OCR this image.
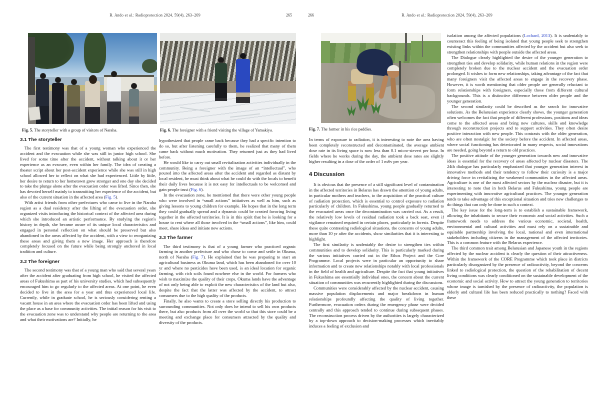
R. Ando et al.: Radioprotection 2024, 59(4), 263–269	265
Fig. 5. The storyteller with a group of visitors of Naraha.	Fig. 6. The foreigner with a friend visiting the village of Yamakiya.
3.1 The storyteller

The first testimony was that of a young woman who experienced the accident and the evacuation while she was still in junior high school. She lived for some time after the accident, without talking about it or her experience as an evacuee, even within her family. The idea of creating a theater script about her post-accident experience while she was still in high school allowed her to reflect on what she had experienced. Little by little, her desire to return to her hometown grew stronger and one day she decided to take the plunge alone after the evacuation order was lifted. Since then, she has devoted herself mainly to transmitting her experience of the accident, but also of the current situation in the affected area (Fig. 5).

With artist friends from other prefectures who came to live in the Naraha region as a dual residency after the lifting of the evacuation order, she organized visits introducing the historical context of the affected area during which she introduced an artistic performance. By studying the region's history in depth, she became aware of its unique local characteristics and engaged in personal reflection on what should be preserved but also abandoned in the areas affected by the accident, with a view to reorganizing these areas and giving them a new image. Her approach is therefore completely focused on the future while being strongly anchored in local tradition and culture.

3.2 The foreigner

The second testimony was that of a young man who said that several years after the accident after graduating from high school, he visited the affected areas of Fukushima as part of his university studies, which had subsequently encouraged him to go regularly to the affected areas. At one point, he even decided to live in the area for a year and thus experienced local life. Currently, while in graduate school, he is seriously considering renting a vacant house in an area where the evacuation order has been lifted and using the place as a base for community activities. The initial reason for his visit to the evacuation zone was to understand why people are returning to the area and what their motivations are? Initially, he

hypothesized that people came back because they had a specific intention to do so, but after listening carefully to them, he realized that many of them came back without much motivation. They returned just as they had lived before.

He would like to carry out small revitalization activities individually in the community. Being a foreigner with the image of an “intellectual”, who poured into the affected areas after the accident and regarded as distant by local resident, he must think about what he could do with the locals to benefit their daily lives because it is not easy for intellectuals to be welcomed and gain people trust (Fig. 6).

In the evacuation zone, he mentioned that there were other young people who were involved in “small actions” initiatives as well as him, such as giving lessons to young children for example. He hopes that in the long term they could gradually spread and a dynamic could be created favoring living together in the affected territories. It is in this spirit that he is looking for a house to rent where all those involved in the “small actions”, like him, could meet, share ideas and initiate new actions.

3.3 The farmer

The third testimony is that of a young farmer who practiced organic farming in another prefecture and who chose to come and settle in Okuma, north of Naraha (Fig. 7). He explained that he was preparing to start an agricultural business as Okuma land, which has been abandoned for over 10 yr and where no pesticides have been used, is an ideal location for organic farming, with rich soils found nowhere else in the world. For farmers who wish to maximize the quality of their crops, Okuma lands have the advantage of not only being able to exploit the new characteristics of the land but also, despite the fact that the latter was affected by the accident, to attract consumers due to the high quality of the products.

Finally, he also wants to create a store selling directly his production to surrounding communities. Not only does he intend to sell his own products there, but also products from all over the world so that this store could be a meeting and exchange place for consumers attracted by the quality and diversity of the products.

266	R. Ando et al.: Radioprotection 2024, 59(4), 263–269
Fig. 7. The farmer in his rice paddies.

In terms of exposure to radiation, it is interesting to note the area having been completely reconstructed and decontaminated, the average ambient dose rate in its living space is now less than 0.1 micro-sievert per hour. In fields where he works during the day, the ambient dose rates are slightly higher resulting in a dose of the order of 1 mSv per year.

4 Discussion

It is obvious that the presence of a still significant level of contamination in the affected territories in Belarus has drawn the attention of young adults, in particular mothers and teachers, to the acquisition of the practical culture of radiation protection, which is essential to control exposure to radiation particularly of children. In Fukushima, young people gradually returned to the evacuated areas once the decontamination was carried out. As a result, the relatively low levels of residual radiation took a back seat, even if vigilance remained required in certain places, particularly in forests. Despite these quite contrasting radiological situations, the concerns of young adults, more than 10 yr after the accidents, show similarities that it is interesting to highlight.

The first similarity is undeniably the desire to strengthen ties within communities and to develop solidarity. This is particularly marked during the various initiatives carried out in the Ethos Project and the Core Programme. Local projects were in particular an opportunity to share information and to create new relationships notably with local professionals in the field of health and agriculture. Despite the fact that young initiatives in Fukushima are essentially individual ones, the concern about the current situation of communities was recurrently highlighted during the discussions.

Communities were considerably affected by the nuclear accident, causing massive population displacements and major breakdown in human relationships profoundly affecting the quality of living together. Furthermore, evacuation orders during the emergency phase were decided centrally and this approach tended to continue during subsequent phases. The reconstruction process driven by the authorities is largely characterized by a top-down approach to decision-making processes which inevitably induces a feeling of exclusion and

isolation among the affected populations (Lochard, 2013). It is undeniably to counteract this feeling of being isolated that young people seek to strengthen existing links within the communities affected by the accident but also seek to strengthen relationships with people outside the affected areas.

The Dialogue clearly highlighted the desire of the younger generation to strengthen ties and develop solidarity, while human relations in the region were completely broken due to the nuclear accident and the evacuation order prolonged. It wishes to form new relationships, taking advantage of the fact that many foreigners visit the affected areas to engage in the recovery phase. However, it is worth mentioning that older people are generally reluctant to form relationships with foreigners, especially those from different cultural backgrounds. This is a distinctive difference between older people and the younger generation.

The second similarity could be described as the search for innovative solutions. As the Belarusian experience clearly shows, the younger generation often welcomes the fact that people of different professions, positions and ideas come to the affected areas and bring new cultures, skills and knowledge through reconstruction projects and to support activities. They often desire positive interaction with new people. This contrasts with the older generation, who are often nostalgic for the society before the accident. In affected areas, where social functioning has deteriorated in many respects, social innovations are needed, going beyond a return to old practices.

The positive attitude of the younger generation towards new and innovative ideas is essential for the recovery of areas affected by nuclear disasters. The 24th dialogue has particularly emphasized that younger generation interest in innovative methods and their tendency to follow their curiosity is a major driving force in revitalizing the weakened communities in the affected areas. Agriculture is one of the most affected sectors by the nuclear disaster, but it is interesting to note that in both Belarus and Fukushima, young people are experimenting with innovative agricultural practices. The younger generation tends to take advantage of this exceptional situation and tries new challenges to do things that can only be done in such a context.

The key issue for the long-term is to establish a sustainable framework, allowing the inhabitants to secure their economic and social activities. Such a framework needs to address the various economic, societal, health, environmental and cultural activities and must rely on a sustainable and equitable partnership involving the local, national and even international stakeholders including citizens in the management of the affected territories. This is a common feature with the Belarus experience.

The third common trait among Belarusian and Japanese youth in the regions affected by the nuclear accident is clearly the question of their attractiveness. Within the framework of the CORE Programme which took place in districts particularly disorganized by the presence of radioactivity, beyond the concerns linked to radiological protection, the question of the rehabilitation of decent living conditions was clearly conditioned on the sustainable development of the economic and social activity. How to attract the young generation to territories whose image is tarnished by the presence of radioactivity, the population is elderly and cultural life has been reduced practically to nothing? Faced with these
